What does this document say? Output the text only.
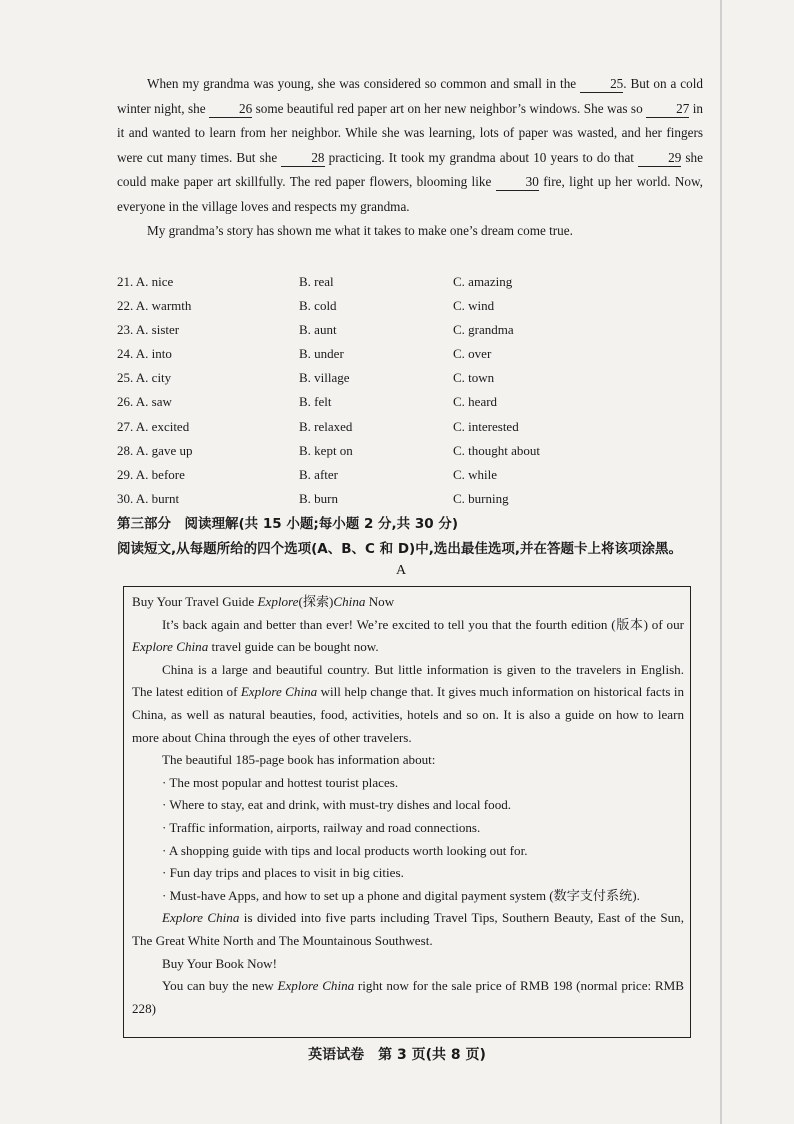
When my grandma was young, she was considered so common and small in the 25. But on a cold winter night, she 26 some beautiful red paper art on her new neighbor’s windows. She was so 27 in it and wanted to learn from her neighbor. While she was learning, lots of paper was wasted, and her fingers were cut many times. But she 28 practicing. It took my grandma about 10 years to do that 29 she could make paper art skillfully. The red paper flowers, blooming like 30 fire, light up her world. Now, everyone in the village loves and respects my grandma.

My grandma’s story has shown me what it takes to make one’s dream come true.

21. A. nice	B. real	C. amazing
22. A. warmth	B. cold	C. wind
23. A. sister	B. aunt	C. grandma
24. A. into	B. under	C. over
25. A. city	B. village	C. town
26. A. saw	B. felt	C. heard
27. A. excited	B. relaxed	C. interested
28. A. gave up	B. kept on	C. thought about
29. A. before	B. after	C. while
30. A. burnt	B. burn	C. burning
第三部分　阅读理解(共 15 小题;每小题 2 分,共 30 分)
阅读短文,从每题所给的四个选项(A、B、C 和 D)中,选出最佳选项,并在答题卡上将该项涂黑。
A

Buy Your Travel Guide Explore(探索)China Now

It’s back again and better than ever! We’re excited to tell you that the fourth edition (版本) of our Explore China travel guide can be bought now.

China is a large and beautiful country. But little information is given to the travelers in English. The latest edition of Explore China will help change that. It gives much information on historical facts in China, as well as natural beauties, food, activities, hotels and so on. It is also a guide on how to learn more about China through the eyes of other travelers.

The beautiful 185-page book has information about:

· The most popular and hottest tourist places.

· Where to stay, eat and drink, with must-try dishes and local food.

· Traffic information, airports, railway and road connections.

· A shopping guide with tips and local products worth looking out for.

· Fun day trips and places to visit in big cities.

· Must-have Apps, and how to set up a phone and digital payment system (数字支付系统).

Explore China is divided into five parts including Travel Tips, Southern Beauty, East of the Sun, The Great White North and The Mountainous Southwest.

Buy Your Book Now!

You can buy the new Explore China right now for the sale price of RMB 198 (normal price: RMB 228)

英语试卷　第 3 页(共 8 页)
